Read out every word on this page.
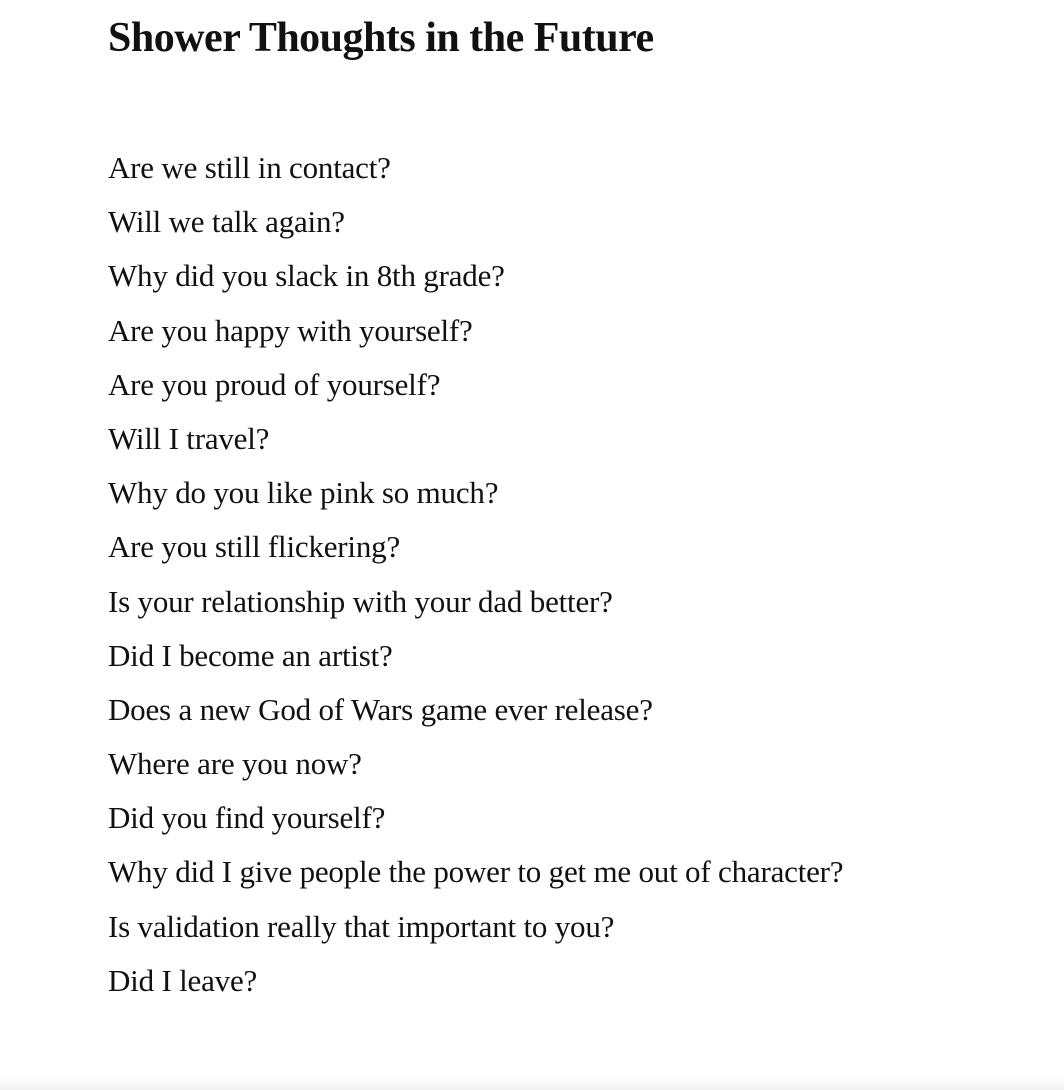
Shower Thoughts in the Future
Are we still in contact?
Will we talk again?
Why did you slack in 8th grade?
Are you happy with yourself?
Are you proud of yourself?
Will I travel?
Why do you like pink so much?
Are you still flickering?
Is your relationship with your dad better?
Did I become an artist?
Does a new God of Wars game ever release?
Where are you now?
Did you find yourself?
Why did I give people the power to get me out of character?
Is validation really that important to you?
Did I leave?
